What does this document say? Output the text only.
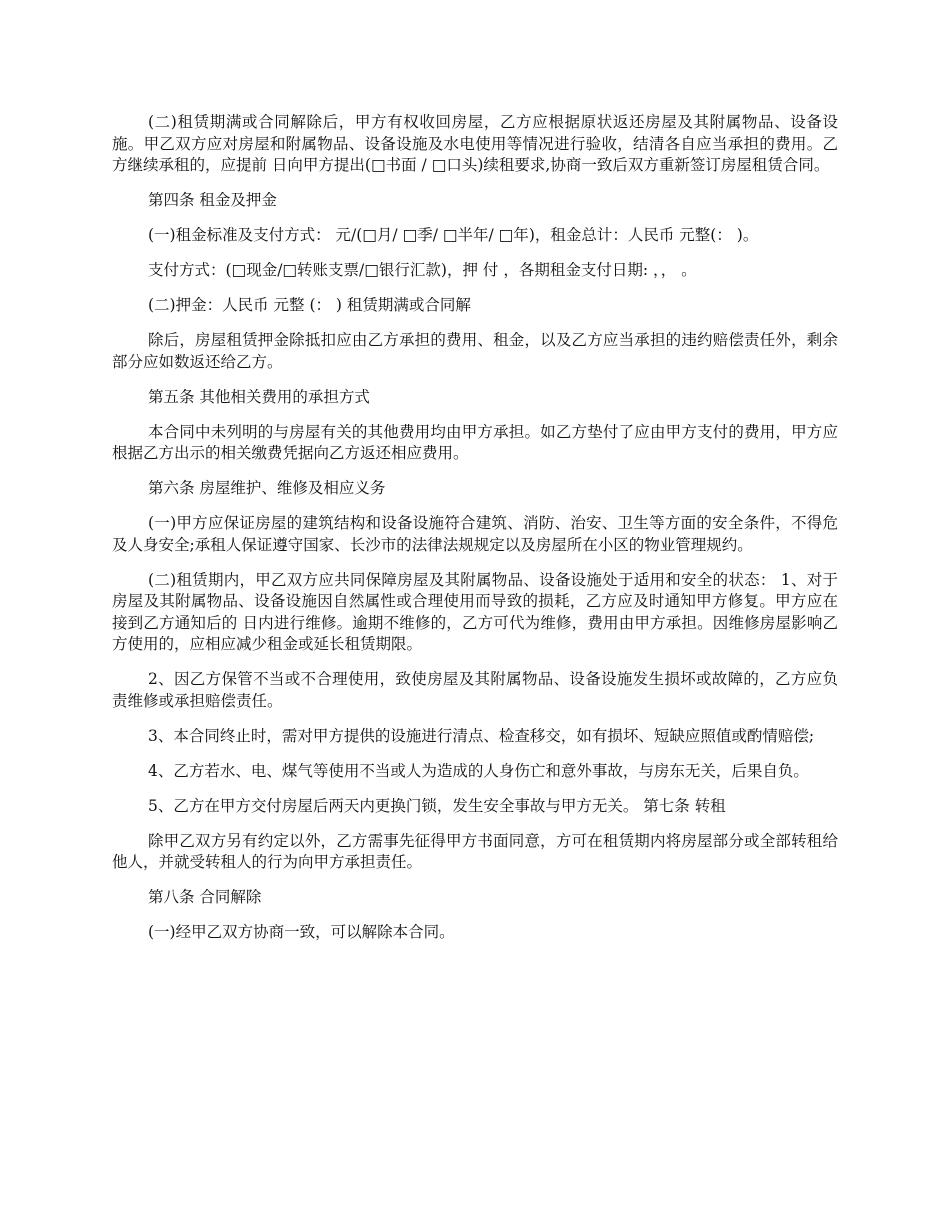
(二)租赁期满或合同解除后，甲方有权收回房屋，乙方应根据原状返还房屋及其附属物品、设备设施。甲乙双方应对房屋和附属物品、设备设施及水电使用等情况进行验收，结清各自应当承担的费用。乙方继续承租的，应提前 日向甲方提出(□书面 / □口头)续租要求,协商一致后双方重新签订房屋租赁合同。

第四条 租金及押金

(一)租金标准及支付方式： 元/(□月/ □季/ □半年/ □年)，租金总计：人民币 元整(： )。

支付方式：(□现金/□转账支票/□银行汇款)，押 付 ，各期租金支付日期: ，， 。

(二)押金：人民币 元整 (： ) 租赁期满或合同解

除后，房屋租赁押金除抵扣应由乙方承担的费用、租金，以及乙方应当承担的违约赔偿责任外，剩余部分应如数返还给乙方。

第五条 其他相关费用的承担方式

本合同中未列明的与房屋有关的其他费用均由甲方承担。如乙方垫付了应由甲方支付的费用，甲方应根据乙方出示的相关缴费凭据向乙方返还相应费用。

第六条 房屋维护、维修及相应义务

(一)甲方应保证房屋的建筑结构和设备设施符合建筑、消防、治安、卫生等方面的安全条件，不得危及人身安全;承租人保证遵守国家、长沙市的法律法规规定以及房屋所在小区的物业管理规约。

(二)租赁期内，甲乙双方应共同保障房屋及其附属物品、设备设施处于适用和安全的状态： 1、对于房屋及其附属物品、设备设施因自然属性或合理使用而导致的损耗，乙方应及时通知甲方修复。甲方应在接到乙方通知后的 日内进行维修。逾期不维修的，乙方可代为维修，费用由甲方承担。因维修房屋影响乙方使用的，应相应减少租金或延长租赁期限。

2、因乙方保管不当或不合理使用，致使房屋及其附属物品、设备设施发生损坏或故障的，乙方应负责维修或承担赔偿责任。

3、本合同终止时，需对甲方提供的设施进行清点、检查移交，如有损坏、短缺应照值或酌情赔偿;

4、乙方若水、电、煤气等使用不当或人为造成的人身伤亡和意外事故，与房东无关，后果自负。

5、乙方在甲方交付房屋后两天内更换门锁，发生安全事故与甲方无关。 第七条 转租

除甲乙双方另有约定以外，乙方需事先征得甲方书面同意，方可在租赁期内将房屋部分或全部转租给他人，并就受转租人的行为向甲方承担责任。

第八条 合同解除

(一)经甲乙双方协商一致，可以解除本合同。
